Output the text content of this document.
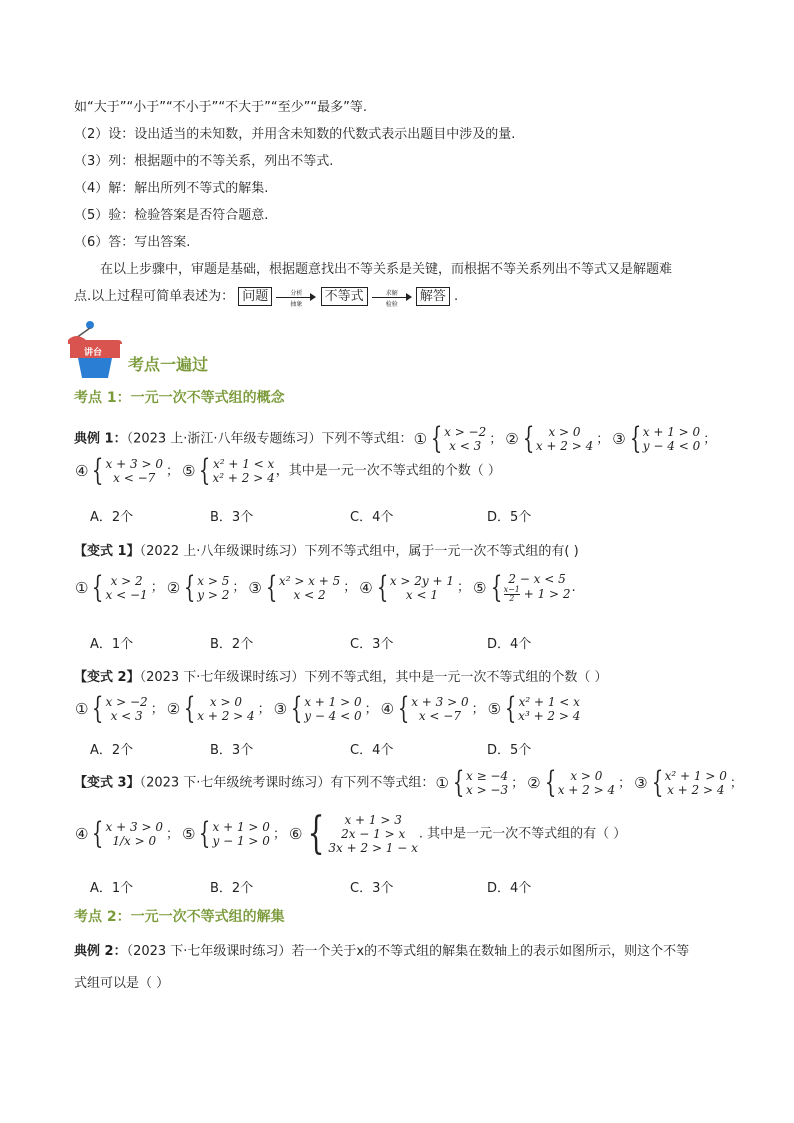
如“大于”“小于”“不小于”“不大于”“至少”“最多”等.
（2）设：设出适当的未知数，并用含未知数的代数式表示出题目中涉及的量.
（3）列：根据题中的不等关系，列出不等式.
（4）解：解出所列不等式的解集.
（5）验：检验答案是否符合题意.
（6）答：写出答案.
在以上步骤中，审题是基础，根据题意找出不等关系是关键，而根据不等关系列出不等式又是解题难
点.以上过程可简单表述为： 问题	分析
抽象	不等式	求解
检验	解答 .
讲台
考点一遍过
考点 1：一元一次不等式组的概念
典例 1：（2023 上·浙江·八年级专题练习）下列不等式组： ① { x > −2
x < 3 ； ② {	x > 0
x + 2 > 4 ； ③ { x + 1 > 0
y − 4 < 0 ；
④ { x + 3 > 0
x < −7 ； ⑤ { x² + 1 < x
x² + 2 > 4 ，其中是一元一次不等式组的个数（ ）
A．2个	B．3个	C．4个	D．5个
【变式 1】（2022 上·八年级课时练习）下列不等式组中，属于一元一次不等式组的有( )
① { x > 2
x < −1 ； ② { x > 5
y > 2 ； ③ { x² > x + 5
x < 2	； ④ { x > 2y + 1
x < 1	； ⑤ { 2 − x < 5
$\frac{x-1}{2} + 1 > 2$ .
A．1个	B．2个	C．3个	D．4个
【变式 2】（2023 下·七年级课时练习）下列不等式组，其中是一元一次不等式组的个数（ ）
① { x > −2
x < 3 ； ② {	x > 0
x + 2 > 4 ； ③ { x + 1 > 0
y − 4 < 0 ； ④ { x + 3 > 0
x < −7 ； ⑤ { x² + 1 < x
x³ + 2 > 4
A．2个	B．3个	C．4个	D．5个
【变式 3】（2023 下·七年级统考课时练习）有下列不等式组： ① { x ≥ −4
x > −3 ； ② {	x > 0
x + 2 > 4 ； ③ { x² + 1 > 0
x + 2 > 4 ；
④ { x + 3 > 0
1/x > 0 ； ⑤ { x + 1 > 0
y − 1 > 0 ； ⑥ {	x + 1 > 3
2x − 1 > x
3x + 2 > 1 − x
. 其中是一元一次不等式组的有（ ）
A．1个	B．2个	C．3个	D．4个
考点 2：一元一次不等式组的解集
典例 2：（2023 下·七年级课时练习）若一个关于x的不等式组的解集在数轴上的表示如图所示，则这个不等
式组可以是（ ）
